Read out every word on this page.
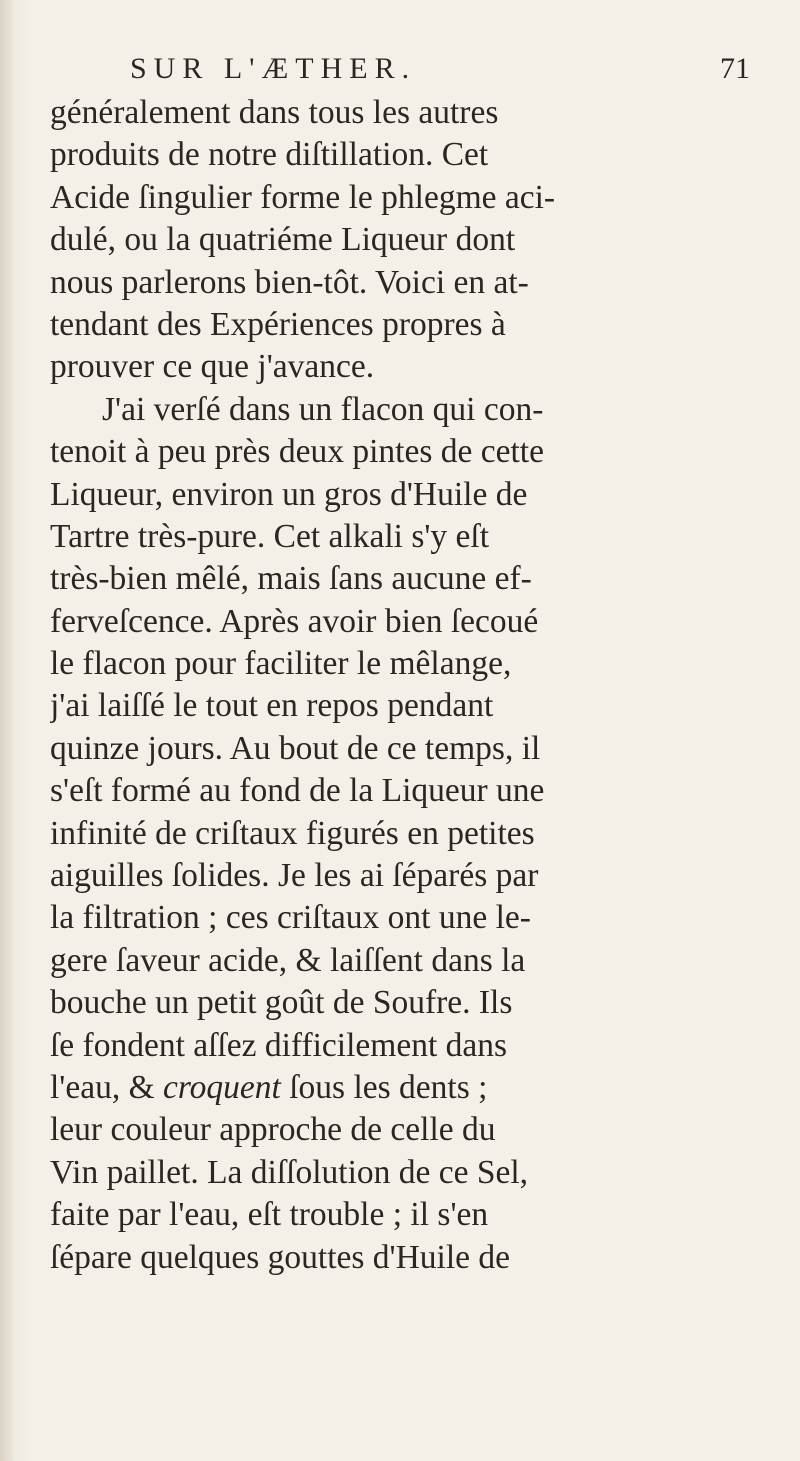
SUR L'ÆTHER.	71
généralement dans tous les autres
produits de notre diſtillation. Cet
Acide ſingulier forme le phlegme aci-
dulé, ou la quatriéme Liqueur dont
nous parlerons bien-tôt. Voici en at-
tendant des Expériences propres à
prouver ce que j'avance.
J'ai verſé dans un flacon qui con-
tenoit à peu près deux pintes de cette
Liqueur, environ un gros d'Huile de
Tartre très-pure. Cet alkali s'y eſt
très-bien mêlé, mais ſans aucune ef-
ferveſcence. Après avoir bien ſecoué
le flacon pour faciliter le mêlange,
j'ai laiſſé le tout en repos pendant
quinze jours. Au bout de ce temps, il
s'eſt formé au fond de la Liqueur une
infinité de criſtaux figurés en petites
aiguilles ſolides. Je les ai ſéparés par
la filtration ; ces criſtaux ont une le-
gere ſaveur acide, & laiſſent dans la
bouche un petit goût de Soufre. Ils
ſe fondent aſſez difficilement dans
l'eau, & croquent ſous les dents ;
leur couleur approche de celle du
Vin paillet. La diſſolution de ce Sel,
faite par l'eau, eſt trouble ; il s'en
ſépare quelques gouttes d'Huile de
